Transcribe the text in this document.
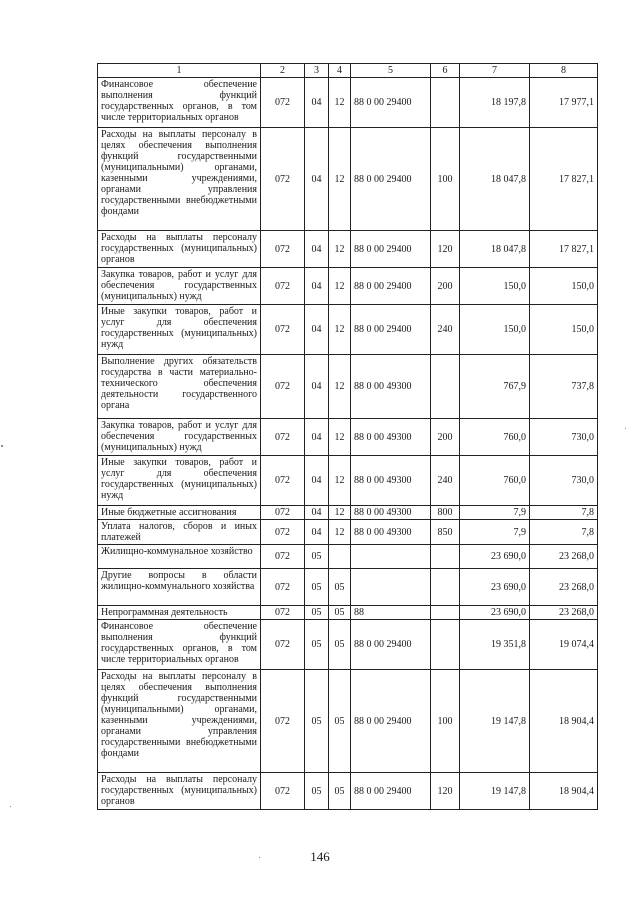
1	2	3	4	5	6	7	8
Финансовое обеспечение выполнения функций государственных органов, в том числе территориальных органов	072	04	12	88 0 00 29400		18 197,8	17 977,1
Расходы на выплаты персоналу в целях обеспечения выполнения функций государственными (муниципальными) органами, казенными учреждениями, органами управления государственными внебюджетными фондами	072	04	12	88 0 00 29400	100	18 047,8	17 827,1
Расходы на выплаты персоналу государственных (муниципальных) органов	072	04	12	88 0 00 29400	120	18 047,8	17 827,1
Закупка товаров, работ и услуг для обеспечения государственных (муниципальных) нужд	072	04	12	88 0 00 29400	200	150,0	150,0
Иные закупки товаров, работ и услуг для обеспечения государственных (муниципальных) нужд	072	04	12	88 0 00 29400	240	150,0	150,0
Выполнение других обязательств государства в части материально-технического обеспечения деятельности государственного органа	072	04	12	88 0 00 49300		767,9	737,8
Закупка товаров, работ и услуг для обеспечения государственных (муниципальных) нужд	072	04	12	88 0 00 49300	200	760,0	730,0
Иные закупки товаров, работ и услуг для обеспечения государственных (муниципальных) нужд	072	04	12	88 0 00 49300	240	760,0	730,0
Иные бюджетные ассигнования	072	04	12	88 0 00 49300	800	7,9	7,8
Уплата налогов, сборов и иных платежей	072	04	12	88 0 00 49300	850	7,9	7,8
Жилищно-коммунальное хозяйство	072	05				23 690,0	23 268,0
Другие вопросы в области жилищно-коммунального хозяйства	072	05	05			23 690,0	23 268,0
Непрограммная деятельность	072	05	05	88		23 690,0	23 268,0
Финансовое обеспечение выполнения функций государственных органов, в том числе территориальных органов	072	05	05	88 0 00 29400		19 351,8	19 074,4
Расходы на выплаты персоналу в целях обеспечения выполнения функций государственными (муниципальными) органами, казенными учреждениями, органами управления государственными внебюджетными фондами	072	05	05	88 0 00 29400	100	19 147,8	18 904,4
Расходы на выплаты персоналу государственных (муниципальных) органов	072	05	05	88 0 00 29400	120	19 147,8	18 904,4
146
